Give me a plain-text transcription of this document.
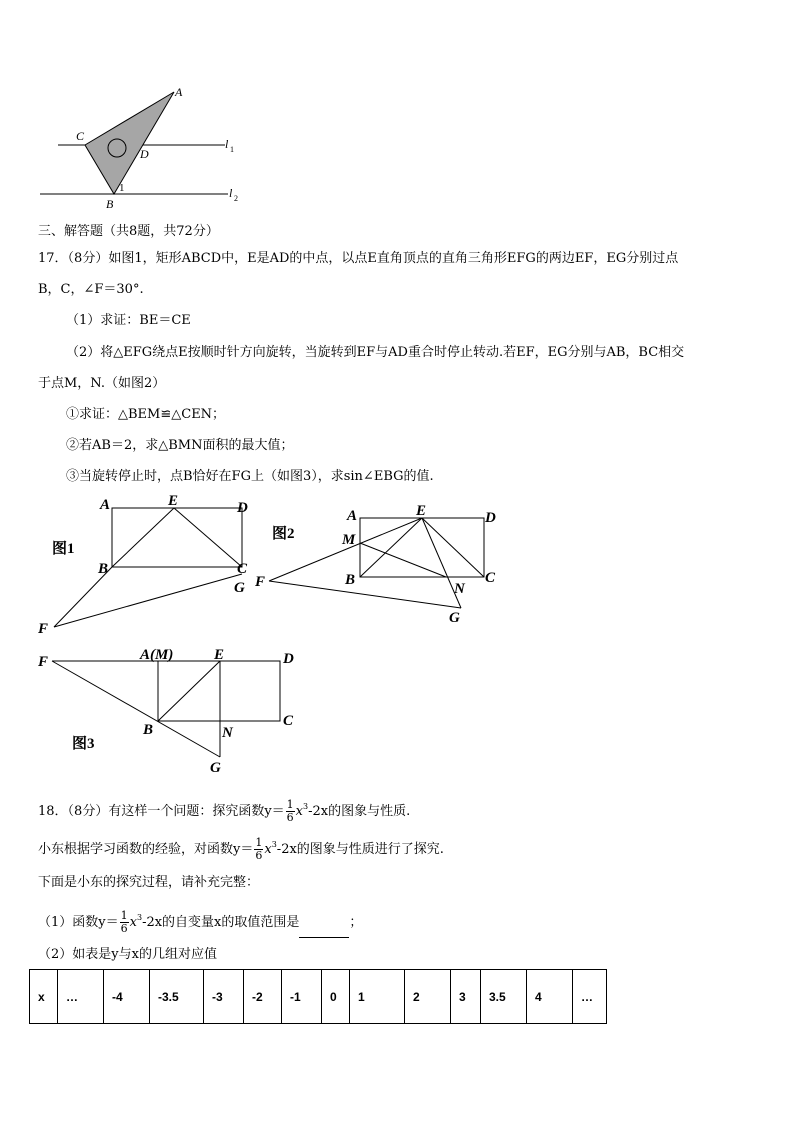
A
C
D
B
1
l 1
l 2
三、解答题（共8题，共72分）
17．（8分）如图1，矩形ABCD中，E是AD的中点，以点E直角顶点的直角三角形EFG的两边EF，EG分别过点
B，C，∠F＝30°.
（1）求证：BE＝CE
（2）将△EFG绕点E按顺时针方向旋转，当旋转到EF与AD重合时停止转动.若EF，EG分别与AB，BC相交
于点M，N.（如图2）
①求证：△BEM≌△CEN；
②若AB＝2，求△BMN面积的最大值；
③当旋转停止时，点B恰好在FG上（如图3），求sin∠EBG的值.
A	E	D
B	C
G
F
图1
A	E	D
M
B	C
F	N
G
图2
F	A(M)	E	D
B
C
N
G
图3
18．（8分）有这样一个问题：探究函数$y= \frac{1}{6} x^3-2x$的图象与性质.
小东根据学习函数的经验，对函数$y= \frac{1}{6} x^3-2x$的图象与性质进行了探究.
下面是小东的探究过程，请补充完整：
（1）函数$y= \frac{1}{6} x^3-2x$的自变量x的取值范围是	；
（2）如表是y与x的几组对应值
x	…	-4	-3.5	-3	-2	-1	0	1	2	3	3.5	4	…
